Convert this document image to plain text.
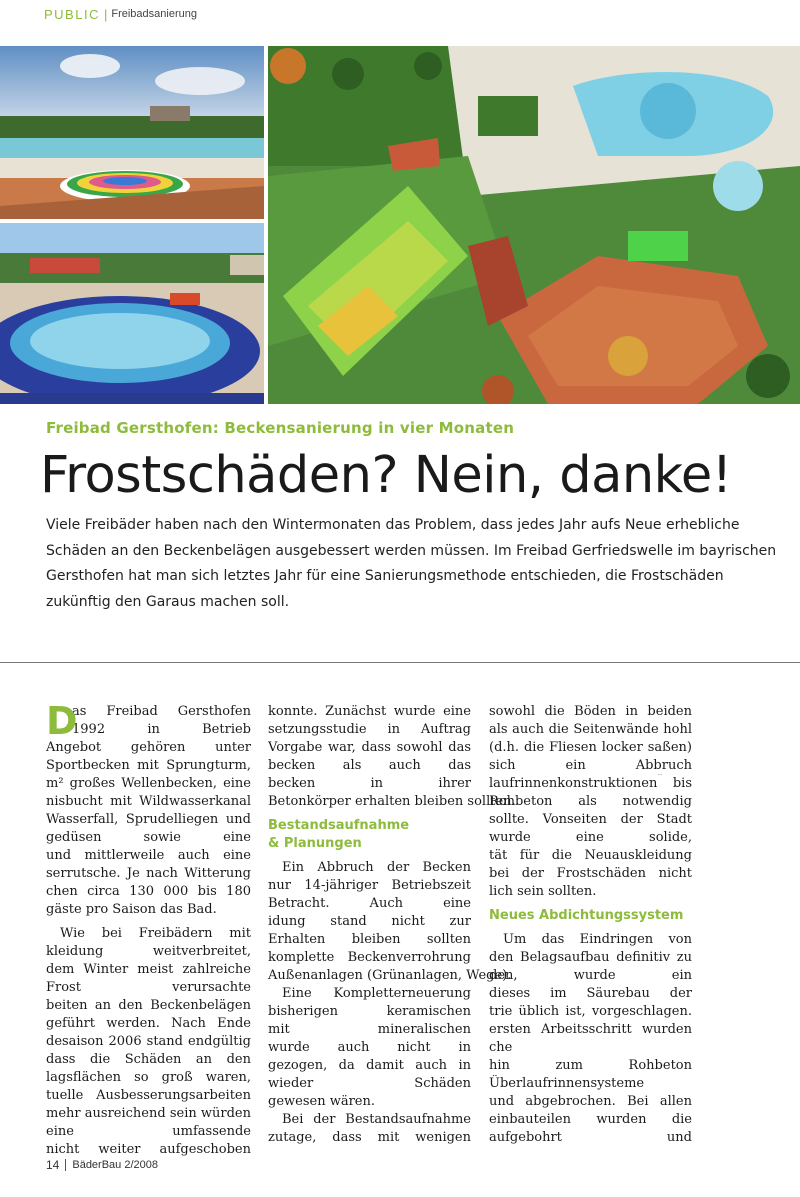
PUBLIC | Freibadsanierung
Freibad Gersthofen: Beckensanierung in vier Monaten
Frostschäden? Nein, danke!
Viele Freibäder haben nach den Wintermonaten das Problem, dass jedes Jahr aufs Neue erhebliche
Schäden an den Beckenbelägen ausgebessert werden müssen. Im Freibad Gerfriedswelle im bayrischen
Gersthofen hat man sich letztes Jahr für eine Sanierungsmethode entschieden, die Frostschäden
zukünftig den Garaus machen soll.
D
as Freibad Gersthofen
1992 in Betrieb
Angebot gehören unter
Sportbecken mit Sprungturm,
m² großes Wellenbecken, eine
nisbucht mit Wildwasserkanal
Wasserfall, Sprudelliegen und
gedüsen sowie eine
und mittlerweile auch eine
serrutsche. Je nach Witterung
chen circa 130 000 bis 180
gäste pro Saison das Bad.
Wie bei Freibädern mit
kleidung weitverbreitet,
dem Winter meist zahlreiche
Frost verursachte
beiten an den Beckenbelägen
geführt werden. Nach Ende
desaison 2006 stand endgültig
dass die Schäden an den
lagsflächen so groß waren,
tuelle Ausbesserungsarbeiten
mehr ausreichend sein würden
eine umfassende
nicht weiter aufgeschoben
konnte. Zunächst wurde eine
setzungsstudie in Auftrag
Vorgabe war, dass sowohl das
becken als auch das
becken in ihrer
Betonkörper erhalten bleiben sollten.
Bestandsaufnahme
& Planungen
Ein Abbruch der Becken
nur 14-jähriger Betriebszeit
Betracht. Auch eine
idung stand nicht zur
Erhalten bleiben sollten
komplette Beckenverrohrung
Außenanlagen (Grünanlagen, Wege).
Eine Kompletterneuerung
bisherigen keramischen
mit mineralischen
wurde auch nicht in
gezogen, da damit auch in
wieder Schäden
gewesen wären.
Bei der Bestandsaufnahme
zutage, dass mit wenigen
sowohl die Böden in beiden
als auch die Seitenwände hohl
(d.h. die Fliesen locker saßen)
sich ein Abbruch
laufrinnenkonstruktionen bis
Rohbeton als notwendig
sollte. Vonseiten der Stadt
wurde eine solide,
tät für die Neuauskleidung
bei der Frostschäden nicht
lich sein sollten.
Neues Abdichtungssystem
Um das Eindringen von
den Belagsaufbau definitiv zu
den, wurde ein
dieses im Säurebau der
trie üblich ist, vorgeschlagen.
ersten Arbeitsschritt wurden
che
hin zum Rohbeton
Überlaufrinnensysteme
und abgebrochen. Bei allen
einbauteilen wurden die
aufgebohrt und
14 BäderBau 2/2008
